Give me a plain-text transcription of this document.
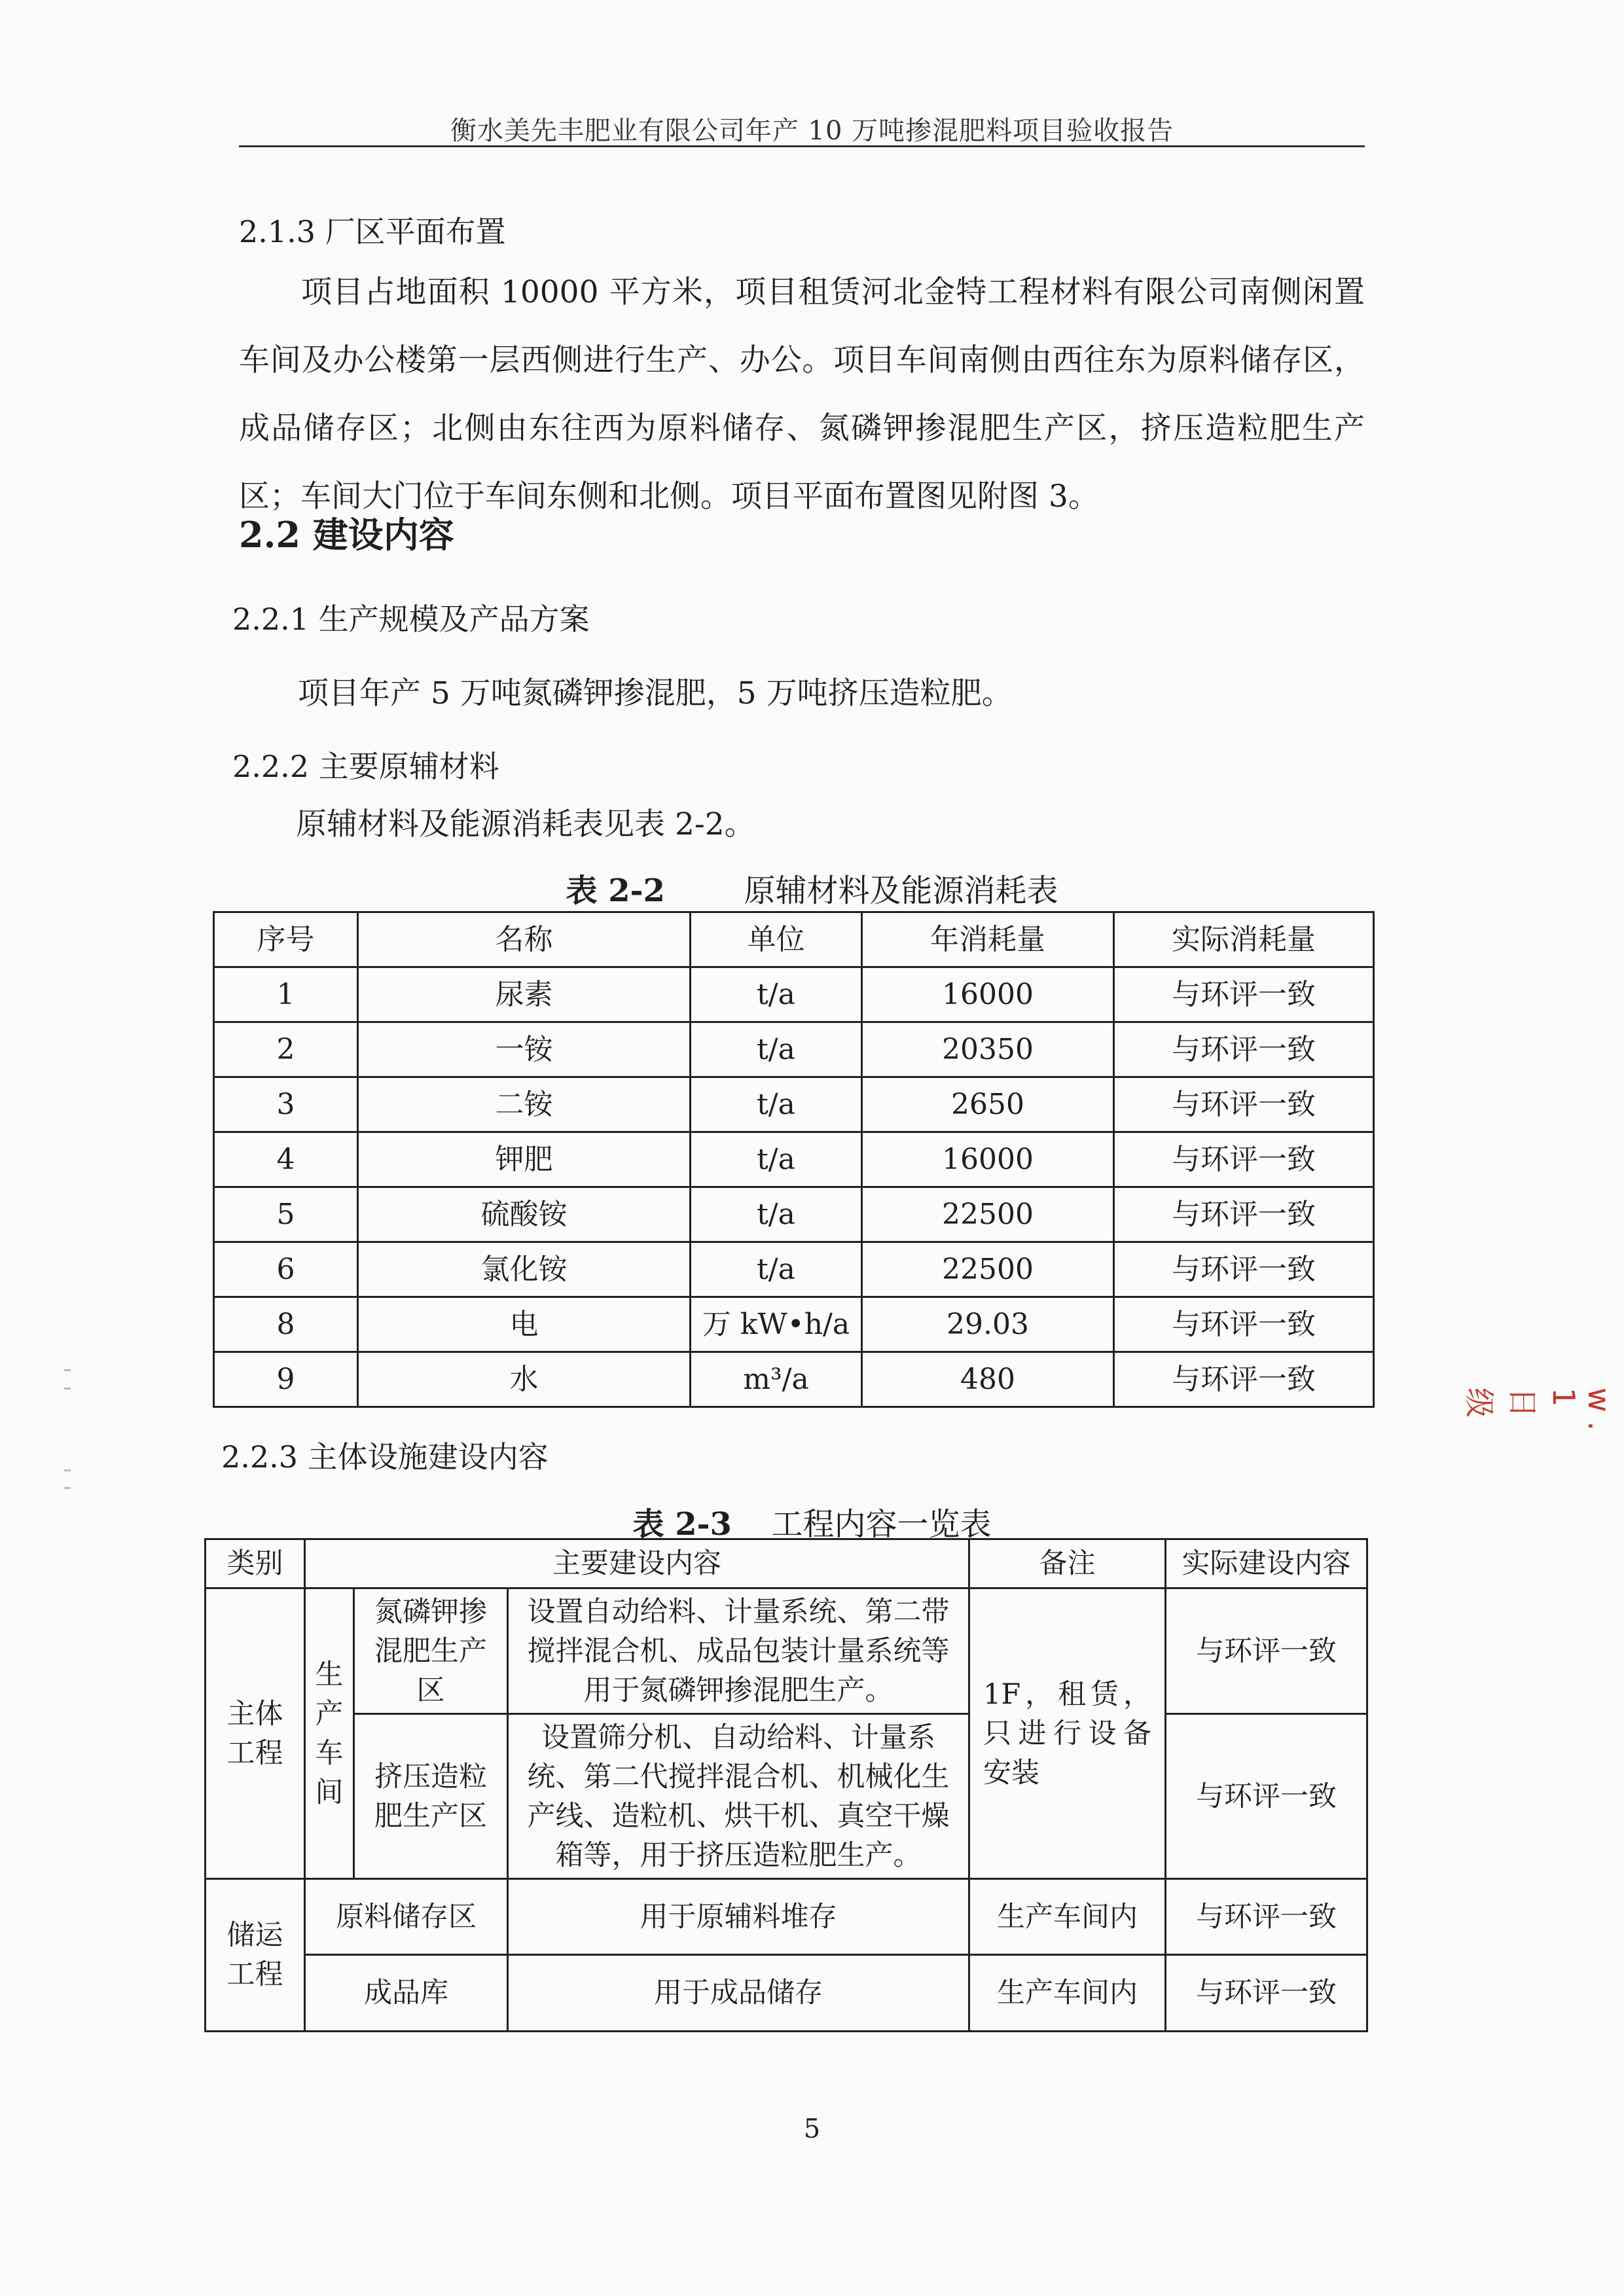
衡水美先丰肥业有限公司年产 10 万吨掺混肥料项目验收报告
2.1.3 厂区平面布置
项目占地面积 10000 平方米，项目租赁河北金特工程材料有限公司南侧闲置车间及办公楼第一层西侧进行生产、办公。项目车间南侧由西往东为原料储存区，成品储存区；北侧由东往西为原料储存、氮磷钾掺混肥生产区，挤压造粒肥生产区；车间大门位于车间东侧和北侧。项目平面布置图见附图 3。
2.2 建设内容
2.2.1 生产规模及产品方案
项目年产 5 万吨氮磷钾掺混肥，5 万吨挤压造粒肥。
2.2.2 主要原辅材料
原辅材料及能源消耗表见表 2-2。
表 2-2	原辅材料及能源消耗表
序号	名称	单位	年消耗量	实际消耗量
1	尿素	t/a	16000	与环评一致
2	一铵	t/a	20350	与环评一致
3	二铵	t/a	2650	与环评一致
4	钾肥	t/a	16000	与环评一致
5	硫酸铵	t/a	22500	与环评一致
6	氯化铵	t/a	22500	与环评一致
8	电	万 kW•h/a	29.03	与环评一致
9	水	m³/a	480	与环评一致
2.2.3 主体设施建设内容
表 2-3 工程内容一览表
类别	主要建设内容			备注	实际建设内容
主体工程	生产车间	氮磷钾掺混肥生产区	设置自动给料、计量系统、第二带搅拌混合机、成品包装计量系统等用于氮磷钾掺混肥生产。	1F，租赁，只进行设备安装	与环评一致
		挤压造粒肥生产区	设置筛分机、自动给料、计量系统、第二代搅拌混合机、机械化生产线、造粒机、烘干机、真空干燥箱等，用于挤压造粒肥生产。		与环评一致
储运工程	原料储存区		用于原辅料堆存	生产车间内	与环评一致
	成品库		用于成品储存	生产车间内	与环评一致
5
w. 1 日 级
